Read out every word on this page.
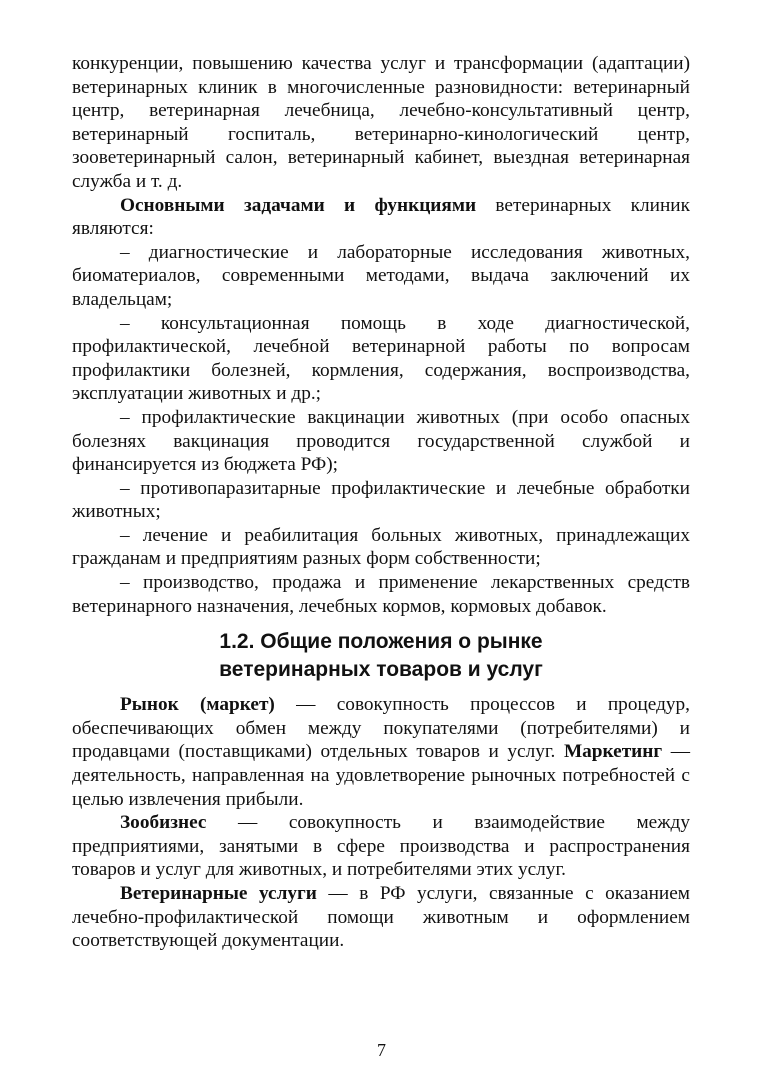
конкуренции, повышению качества услуг и трансформации (адаптации) ветеринарных клиник в многочисленные разновидности: ветеринарный центр, ветеринарная лечебница, лечебно-консультативный центр, ветеринарный госпиталь, ветеринарно-кинологический центр, зооветеринарный салон, ветеринарный кабинет, выездная ветеринарная служба и т. д.

Основными задачами и функциями ветеринарных клиник являются:

– диагностические и лабораторные исследования животных, биоматериалов, современными методами, выдача заключений их владельцам;

– консультационная помощь в ходе диагностической, профилактической, лечебной ветеринарной работы по вопросам профилактики болезней, кормления, содержания, воспроизводства, эксплуатации животных и др.;

– профилактические вакцинации животных (при особо опасных болезнях вакцинация проводится государственной службой и финансируется из бюджета РФ);

– противопаразитарные профилактические и лечебные обработки животных;

– лечение и реабилитация больных животных, принадлежащих гражданам и предприятиям разных форм собственности;

– производство, продажа и применение лекарственных средств ветеринарного назначения, лечебных кормов, кормовых добавок.

1.2. Общие положения о рынке
ветеринарных товаров и услуг

Рынок (маркет) — совокупность процессов и процедур, обеспечивающих обмен между покупателями (потребителями) и продавцами (поставщиками) отдельных товаров и услуг. Маркетинг — деятельность, направленная на удовлетворение рыночных потребностей с целью извлечения прибыли.

Зообизнес — совокупность и взаимодействие между предприятиями, занятыми в сфере производства и распространения товаров и услуг для животных, и потребителями этих услуг.

Ветеринарные услуги — в РФ услуги, связанные с оказанием лечебно-профилактической помощи животным и оформлением соответствующей документации.

7
